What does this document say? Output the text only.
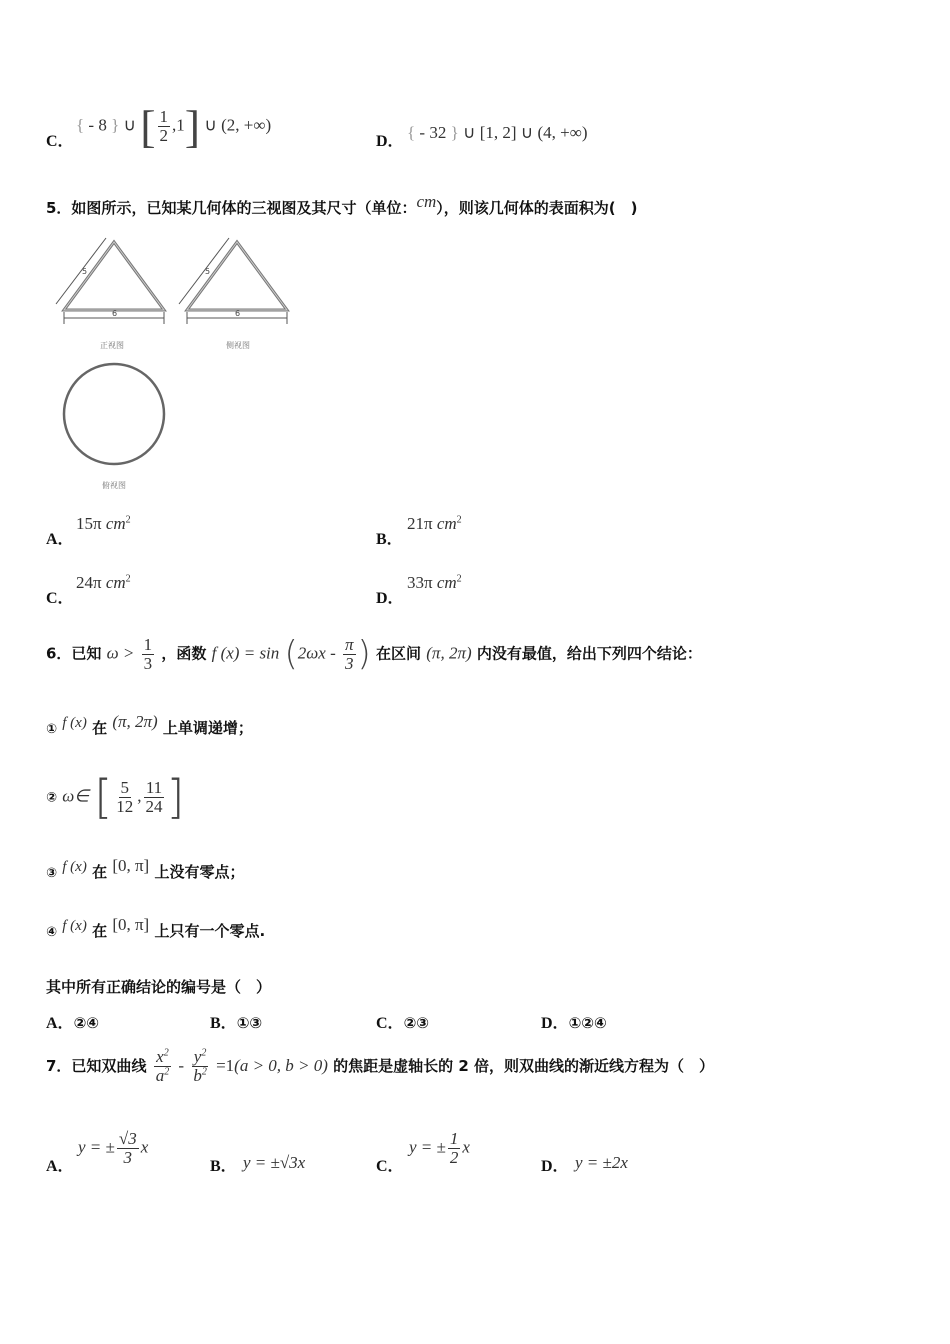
C．
{ - 8 } ∪ [ $\frac{1}{2} ,1$] ∪ (2, +∞)
D． { - 32 } ∪ [1, 2] ∪ (4, +∞)
5．如图所示，已知某几何体的三视图及其尺寸（单位：cm），则该几何体的表面积为(　)
5
6
正视图
5
6
侧视图
俯视图
A．
15π $cm^2$
B．
21π $cm^2$
C．
24π $cm^2$
D．
33π $cm^2$
6．已知 $\omega > \frac{1}{3}$ ，函数 f $(x) = \sin (2\omega x - \frac{\pi}{3}$ ) 在区间 (π, 2π) 内没有最值，给出下列四个结论：
① f (x) 在 (π, 2π) 上单调递增；
② ω∈ [ $\frac{5}{12}$ , $\frac{11}{24}$ ]
③ f (x) 在 [0, π] 上没有零点；
④ f (x) 在 [0, π] 上只有一个零点.
其中所有正确结论的编号是（　）
A．②④	B．①③	C．②③	D．①②④
7．已知双曲线 $\frac{x^2}{a^2} - \frac{y^2}{b^2} =1(a > 0$, b > 0) 的焦距是虚轴长的 2 倍，则双曲线的渐近线方程为（　）
A．
y = ± $\frac{√3}{3}$ x
B． y = ±√3x	C．
y = ± $\frac{1}{2}$ x
D． y = ±2x
